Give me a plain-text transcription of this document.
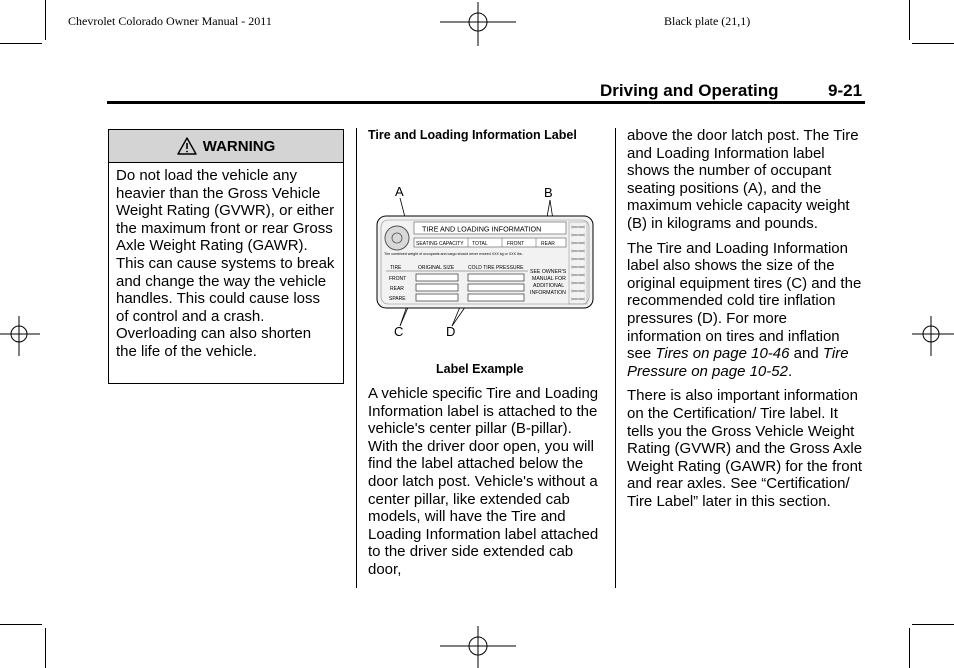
Chevrolet Colorado Owner Manual - 2011	Black plate (21,1)
Driving and Operating	9-21
WARNING
Do not load the vehicle any heavier than the Gross Vehicle Weight Rating (GVWR), or either the maximum front or rear Gross Axle Weight Rating (GAWR). This can cause systems to break and change the way the vehicle handles. This could cause loss of control and a crash. Overloading can also shorten the life of the vehicle.
Tire and Loading Information Label
A	B
C	D
TIRE AND LOADING INFORMATION
SEATING CAPACITY TOTAL	FRONT	REAR
The combined weight of occupants and cargo should never exceed XXX kg or XXX lbs.
TIRE	ORIGINAL SIZE	COLD TIRE PRESSURE
FRONT
REAR
SPARE
SEE OWNER'S
MANUAL FOR
ADDITIONAL
INFORMATION
Label Example

A vehicle specific Tire and Loading Information label is attached to the vehicle's center pillar (B-pillar). With the driver door open, you will find the label attached below the door latch post. Vehicle's without a center pillar, like extended cab models, will have the Tire and Loading Information label attached to the driver side extended cab door,

above the door latch post. The Tire and Loading Information label shows the number of occupant seating positions (A), and the maximum vehicle capacity weight (B) in kilograms and pounds.

The Tire and Loading Information label also shows the size of the original equipment tires (C) and the recommended cold tire inflation pressures (D). For more information on tires and inflation see Tires on page 10-46 and Tire Pressure on page 10-52.

There is also important information on the Certification/ Tire label. It tells you the Gross Vehicle Weight Rating (GVWR) and the Gross Axle Weight Rating (GAWR) for the front and rear axles. See “Certification/ Tire Label” later in this section.
